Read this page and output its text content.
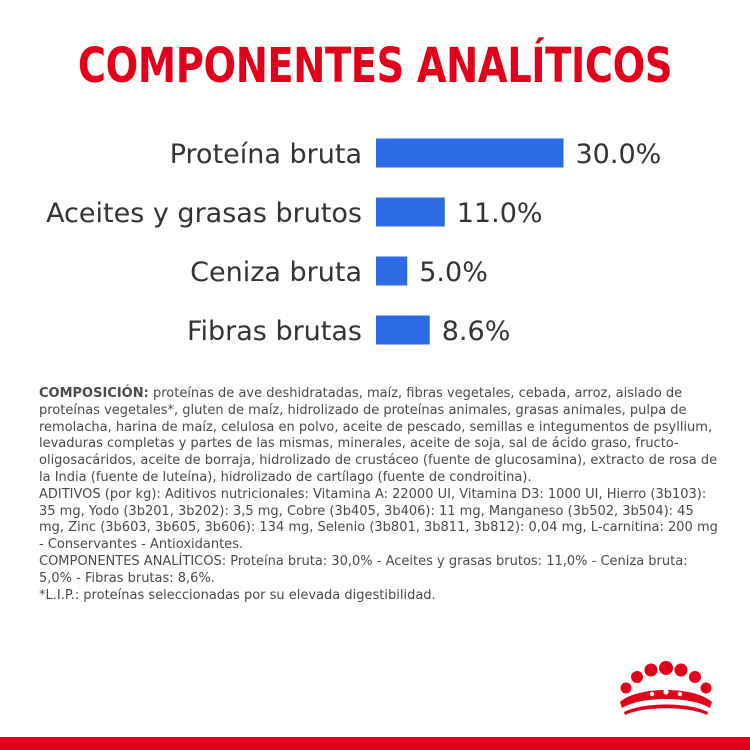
COMPONENTES ANALÍTICOS
Proteína bruta	30.0%
Aceites y grasas brutos	11.0%
Ceniza bruta 5.0%
Fibras brutas	8.6%

COMPOSICIÓN: proteínas de ave deshidratadas, maíz, fibras vegetales, cebada, arroz, aislado de proteínas vegetales*, gluten de maíz, hidrolizado de proteínas animales, grasas animales, pulpa de remolacha, harina de maíz, celulosa en polvo, aceite de pescado, semillas e integumentos de psyllium, levaduras completas y partes de las mismas, minerales, aceite de soja, sal de ácido graso, fructo-oligosacáridos, aceite de borraja, hidrolizado de crustáceo (fuente de glucosamina), extracto de rosa de la India (fuente de luteína), hidrolizado de cartílago (fuente de condroitina).

ADITIVOS (por kg): Aditivos nutricionales: Vitamina A: 22000 UI, Vitamina D3: 1000 UI, Hierro (3b103): 35 mg, Yodo (3b201, 3b202): 3,5 mg, Cobre (3b405, 3b406): 11 mg, Manganeso (3b502, 3b504): 45 mg, Zinc (3b603, 3b605, 3b606): 134 mg, Selenio (3b801, 3b811, 3b812): 0,04 mg, L-carnitina: 200 mg - Conservantes - Antioxidantes.

COMPONENTES ANALÍTICOS: Proteína bruta: 30,0% - Aceites y grasas brutos: 11,0% - Ceniza bruta: 5,0% - Fibras brutas: 8,6%.

*L.I.P.: proteínas seleccionadas por su elevada digestibilidad.
